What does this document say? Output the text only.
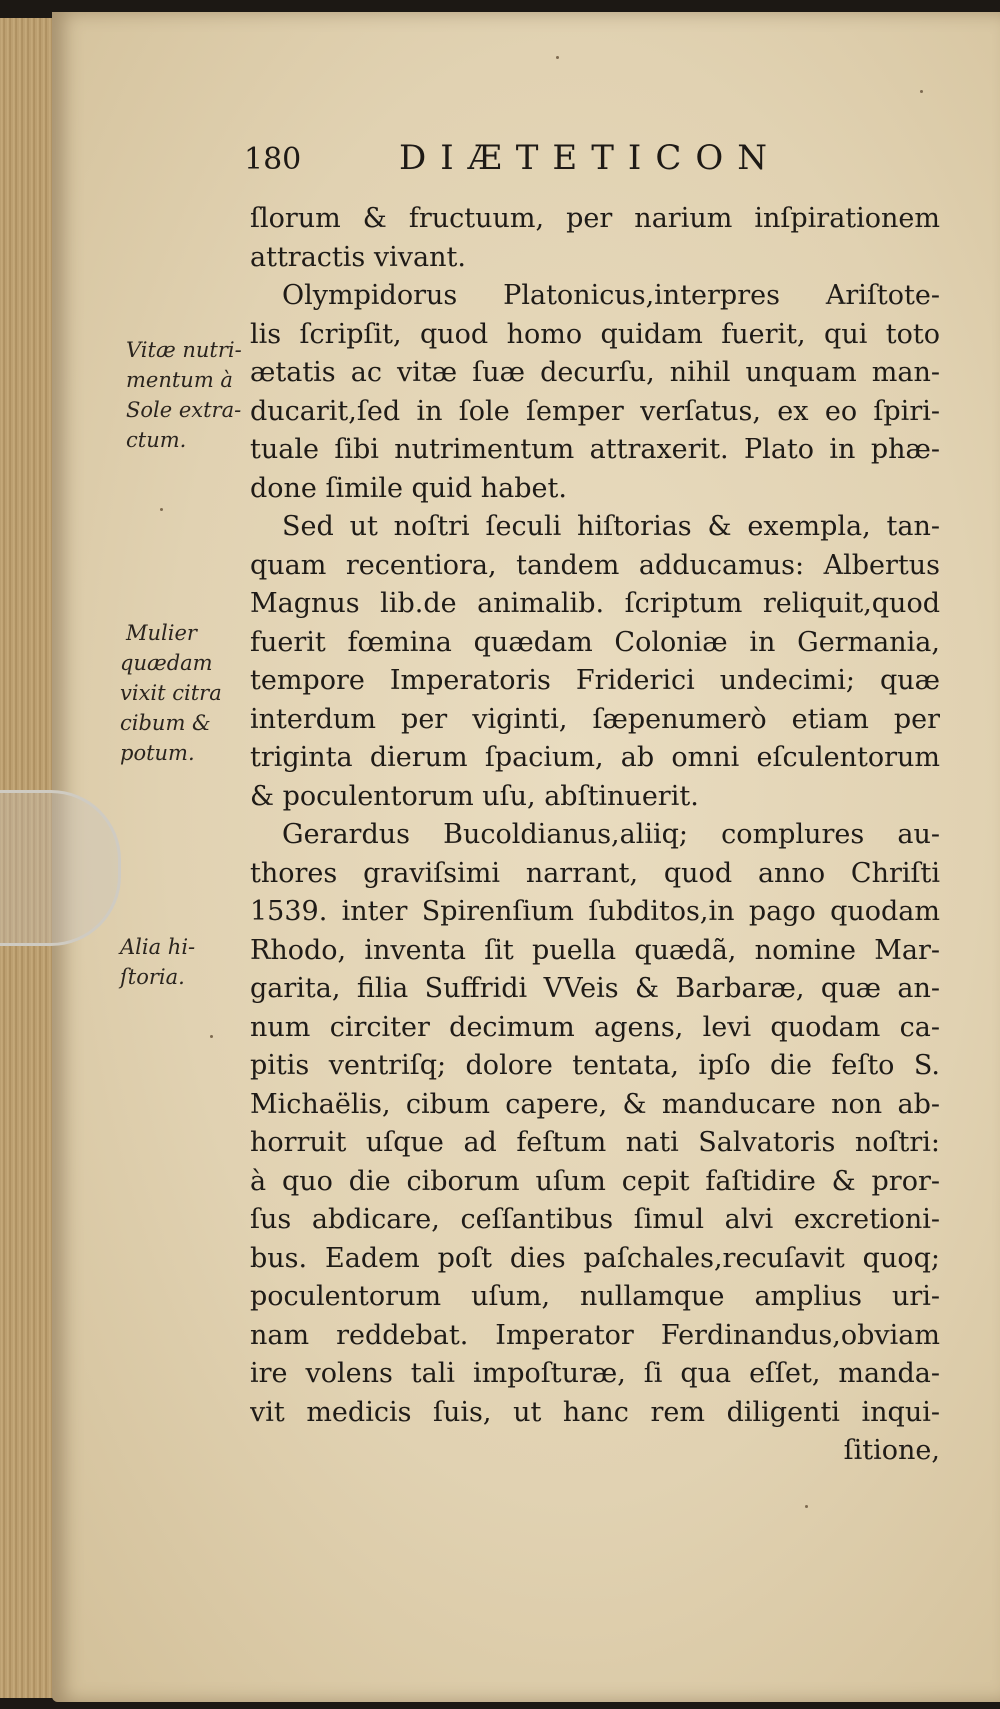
180	DIÆTETICON
ſlorum & fructuum, per narium inſpirationem
attractis vivant.
Olympidorus Platonicus,interpres Ariſtote-
lis ſcripſit, quod homo quidam fuerit, qui toto
ætatis ac vitæ ſuæ decurſu, nihil unquam man-
ducarit,ſed in ſole ſemper verſatus, ex eo ſpiri-
tuale ſibi nutrimentum attraxerit. Plato in phæ-
done ſimile quid habet.
Sed ut noſtri ſeculi hiſtorias & exempla, tan-
quam recentiora, tandem adducamus: Albertus
Magnus lib.de animalib. ſcriptum reliquit,quod
fuerit fœmina quædam Coloniæ in Germania,
tempore Imperatoris Friderici undecimi; quæ
interdum per viginti, ſæpenumerò etiam per
triginta dierum ſpacium, ab omni eſculentorum
& poculentorum uſu, abſtinuerit.
Gerardus Bucoldianus,aliiq; complures au-
thores graviſsimi narrant, quod anno Chriſti
1539. inter Spirenſium ſubditos,in pago quodam
Rhodo, inventa ſit puella quædã, nomine Mar-
garita, filia Suffridi VVeis & Barbaræ, quæ an-
num circiter decimum agens, levi quodam ca-
pitis ventriſq; dolore tentata, ipſo die feſto S.
Michaëlis, cibum capere, & manducare non ab-
horruit uſque ad feſtum nati Salvatoris noſtri:
à quo die ciborum uſum cepit faſtidire & pror-
ſus abdicare, ceſſantibus ſimul alvi excretioni-
bus. Eadem poſt dies paſchales,recuſavit quoq;
poculentorum uſum, nullamque amplius uri-
nam reddebat. Imperator Ferdinandus,obviam
ire volens tali impoſturæ, ſi qua eſſet, manda-
vit medicis ſuis, ut hanc rem diligenti inqui-
ſitione,
Vitæ nutri-
mentum à
Sole extra-
ctum.
Mulier
quædam
vixit citra
cibum &
potum.
Alia hi-
ſtoria.
